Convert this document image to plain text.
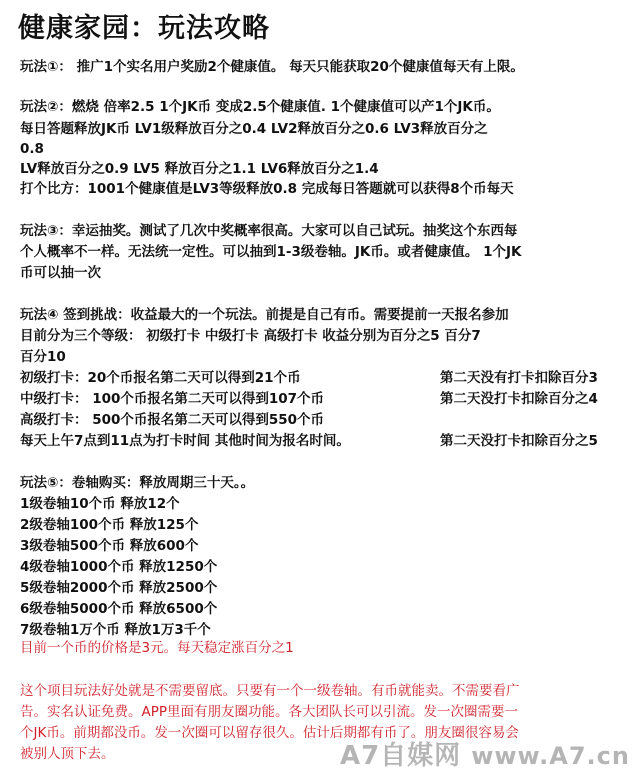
健康家园：玩法攻略
玩法①： 推广1个实名用户奖励2个健康值。 每天只能获取20个健康值每天有上限。
玩法②：燃烧 倍率2.5 1个JK币 变成2.5个健康值. 1个健康值可以产1个JK币。
每日答题释放JK币 LV1级释放百分之0.4 LV2释放百分之0.6 LV3释放百分之
0.8
LV释放百分之0.9 LV5 释放百分之1.1 LV6释放百分之1.4
打个比方：1001个健康值是LV3等级释放0.8 完成每日答题就可以获得8个币每天
玩法③：幸运抽奖。测试了几次中奖概率很高。大家可以自己试玩。抽奖这个东西每
个人概率不一样。无法统一定性。可以抽到1-3级卷轴。JK币。或者健康值。 1个JK
币可以抽一次
玩法④ 签到挑战：收益最大的一个玩法。前提是自己有币。需要提前一天报名参加
目前分为三个等级： 初级打卡 中级打卡 高级打卡 收益分别为百分之5 百分7
百分10
初级打卡：20个币报名第二天可以得到21个币
中级打卡： 100个币报名第二天可以得到107个币
高级打卡： 500个币报名第二天可以得到550个币
每天上午7点到11点为打卡时间 其他时间为报名时间。
玩法⑤：卷轴购买：释放周期三十天。。
1级卷轴10个币 释放12个
2级卷轴100个币 释放125个
3级卷轴500个币 释放600个
4级卷轴1000个币 释放1250个
5级卷轴2000个币 释放2500个
6级卷轴5000个币 释放6500个
7级卷轴1万个币 释放1万3千个
第二天没有打卡扣除百分3
第二天没打卡扣除百分之4
第二天没打卡扣除百分之5
目前一个币的价格是3元。每天稳定涨百分之1
这个项目玩法好处就是不需要留底。只要有一个一级卷轴。有币就能卖。不需要看广
告。实名认证免费。APP里面有朋友圈功能。各大团队长可以引流。发一次圈需要一
个JK币。前期都没币。发一次圈可以留存很久。估计后期都有币了。朋友圈很容易会
被别人顶下去。	A7自媒网 www.A7.cn
